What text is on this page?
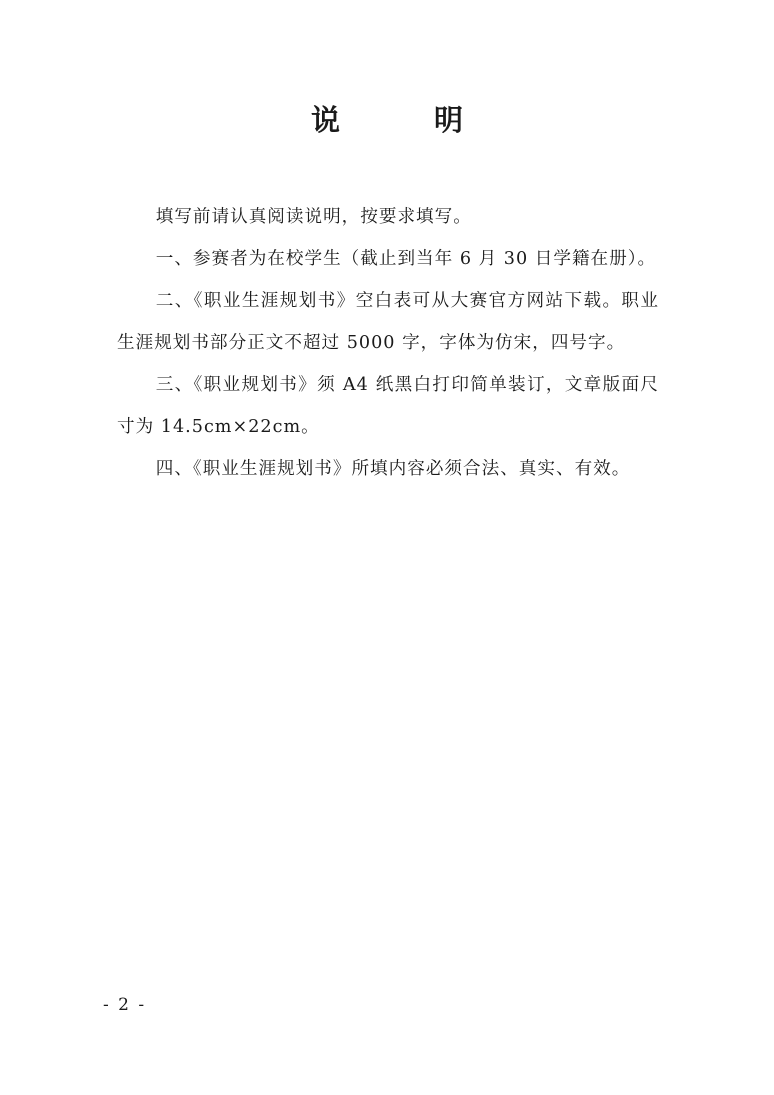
说 明

填写前请认真阅读说明，按要求填写。

一、参赛者为在校学生（截止到当年 6 月 30 日学籍在册）。

二、《职业生涯规划书》空白表可从大赛官方网站下载。职业生涯规划书部分正文不超过 5000 字，字体为仿宋，四号字。

三、《职业规划书》须 A4 纸黑白打印简单装订，文章版面尺寸为 14.5cm×22cm。

四、《职业生涯规划书》所填内容必须合法、真实、有效。

- 2 -
